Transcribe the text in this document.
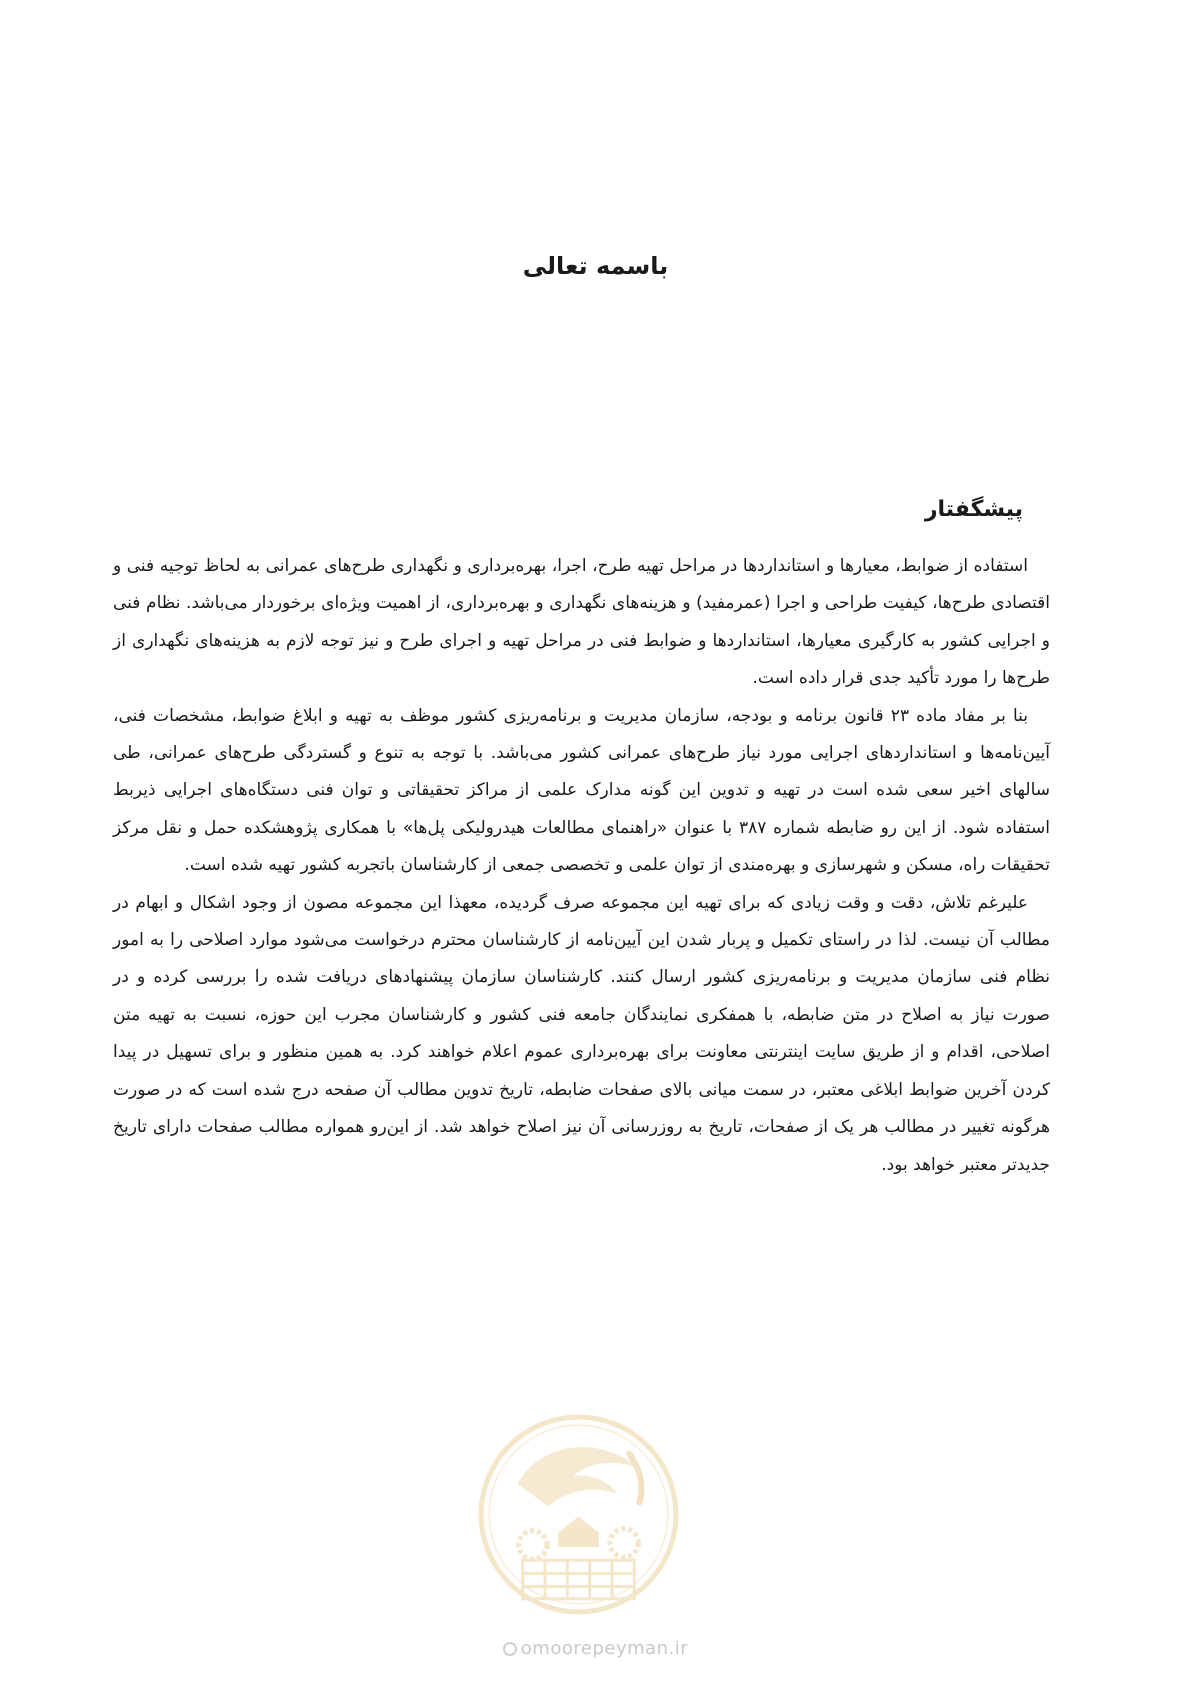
باسمه تعالی
پیشگفتار

استفاده از ضوابط، معیارها و استانداردها در مراحل تهیه طرح، اجرا، بهره‌برداری و نگهداری طرح‌های عمرانی به لحاظ توجیه فنی و اقتصادی طرح‌ها، کیفیت طراحی و اجرا (عمرمفید) و هزینه‌های نگهداری و بهره‌برداری، از اهمیت ویژه‌ای برخوردار می‌باشد. نظام فنی و اجرایی کشور به کارگیری معیارها، استانداردها و ضوابط فنی در مراحل تهیه و اجرای طرح و نیز توجه لازم به هزینه‌های نگهداری از طرح‌ها را مورد تأکید جدی قرار داده است.

بنا بر مفاد ماده ۲۳ قانون برنامه و بودجه، سازمان مدیریت و برنامه‌ریزی کشور موظف به تهیه و ابلاغ ضوابط، مشخصات فنی، آیین‌نامه‌ها و استانداردهای اجرایی مورد نیاز طرح‌های عمرانی کشور می‌باشد. با توجه به تنوع و گستردگی طرح‌های عمرانی، طی سالهای اخیر سعی شده است در تهیه و تدوین این گونه مدارک علمی از مراکز تحقیقاتی و توان فنی دستگاه‌های اجرایی ذیربط استفاده شود. از این رو ضابطه شماره ۳۸۷ با عنوان «راهنمای مطالعات هیدرولیکی پل‌ها» با همکاری پژوهشکده حمل و نقل مرکز تحقیقات راه، مسکن و شهرسازی و بهره‌مندی از توان علمی و تخصصی جمعی از کارشناسان باتجربه کشور تهیه شده است.

علیرغم تلاش، دقت و وقت زیادی که برای تهیه این مجموعه صرف گردیده، معهذا این مجموعه مصون از وجود اشکال و ابهام در مطالب آن نیست. لذا در راستای تکمیل و پربار شدن این آیین‌نامه از کارشناسان محترم درخواست می‌شود موارد اصلاحی را به امور نظام فنی سازمان مدیریت و برنامه‌ریزی کشور ارسال کنند. کارشناسان سازمان پیشنهادهای دریافت شده را بررسی کرده و در صورت نیاز به اصلاح در متن ضابطه، با همفکری نمایندگان جامعه فنی کشور و کارشناسان مجرب این حوزه، نسبت به تهیه متن اصلاحی، اقدام و از طریق سایت اینترنتی معاونت برای بهره‌برداری عموم اعلام خواهند کرد. به همین منظور و برای تسهیل در پیدا کردن آخرین ضوابط ابلاغی معتبر، در سمت میانی بالای صفحات ضابطه، تاریخ تدوین مطالب آن صفحه درج شده است که در صورت هرگونه تغییر در مطالب هر یک از صفحات، تاریخ به روزرسانی آن نیز اصلاح خواهد شد. از این‌رو همواره مطالب صفحات دارای تاریخ جدیدتر معتبر خواهد بود.

omoorepeyman.ir
